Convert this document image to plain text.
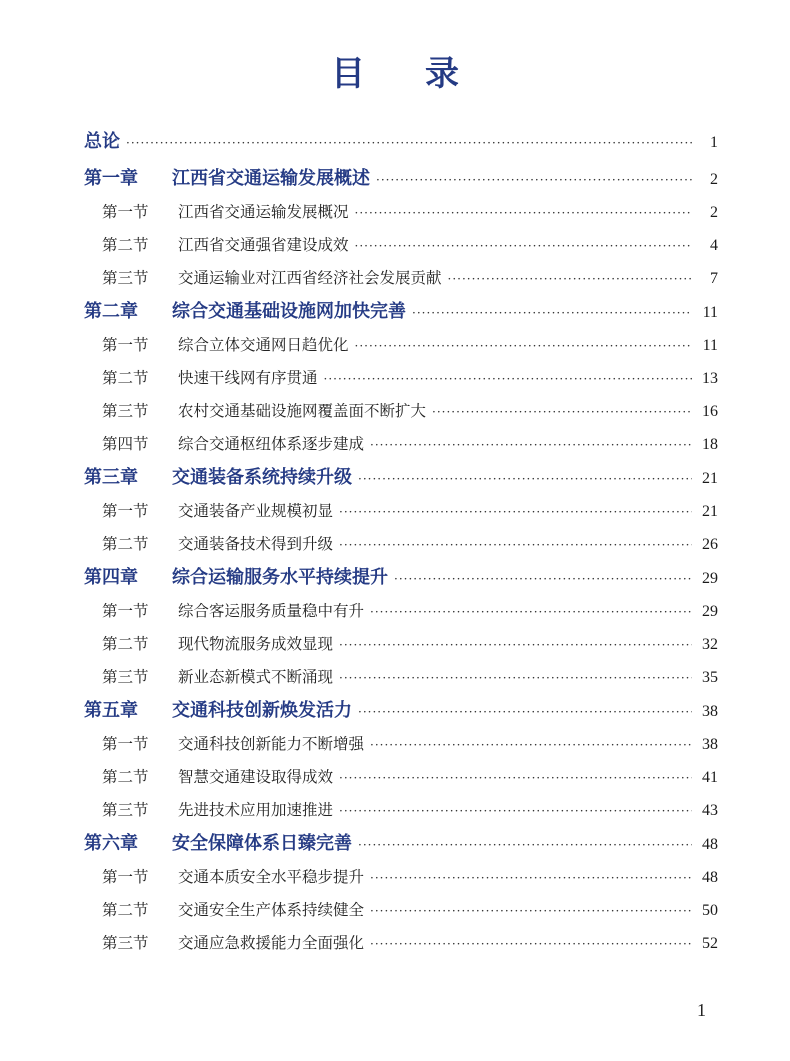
目 录
总论 ·····	1
第一章	江西省交通运输发展概述 ·····	2
第一节	江西省交通运输发展概况 ·····	2
第二节	江西省交通强省建设成效 ·····	4
第三节	交通运输业对江西省经济社会发展贡献 ·····	7
第二章	综合交通基础设施网加快完善 ·····	11
第一节	综合立体交通网日趋优化 ·····	11
第二节	快速干线网有序贯通 ·····	13
第三节	农村交通基础设施网覆盖面不断扩大 ·····	16
第四节	综合交通枢纽体系逐步建成 ·····	18
第三章	交通装备系统持续升级 ·····	21
第一节	交通装备产业规模初显 ·····	21
第二节	交通装备技术得到升级 ·····	26
第四章	综合运输服务水平持续提升 ·····	29
第一节	综合客运服务质量稳中有升 ·····	29
第二节	现代物流服务成效显现 ·····	32
第三节	新业态新模式不断涌现 ·····	35
第五章	交通科技创新焕发活力 ·····	38
第一节	交通科技创新能力不断增强 ·····	38
第二节	智慧交通建设取得成效 ·····	41
第三节	先进技术应用加速推进 ·····	43
第六章	安全保障体系日臻完善 ·····	48
第一节	交通本质安全水平稳步提升 ·····	48
第二节	交通安全生产体系持续健全 ·····	50
第三节	交通应急救援能力全面强化 ·····	52
1
